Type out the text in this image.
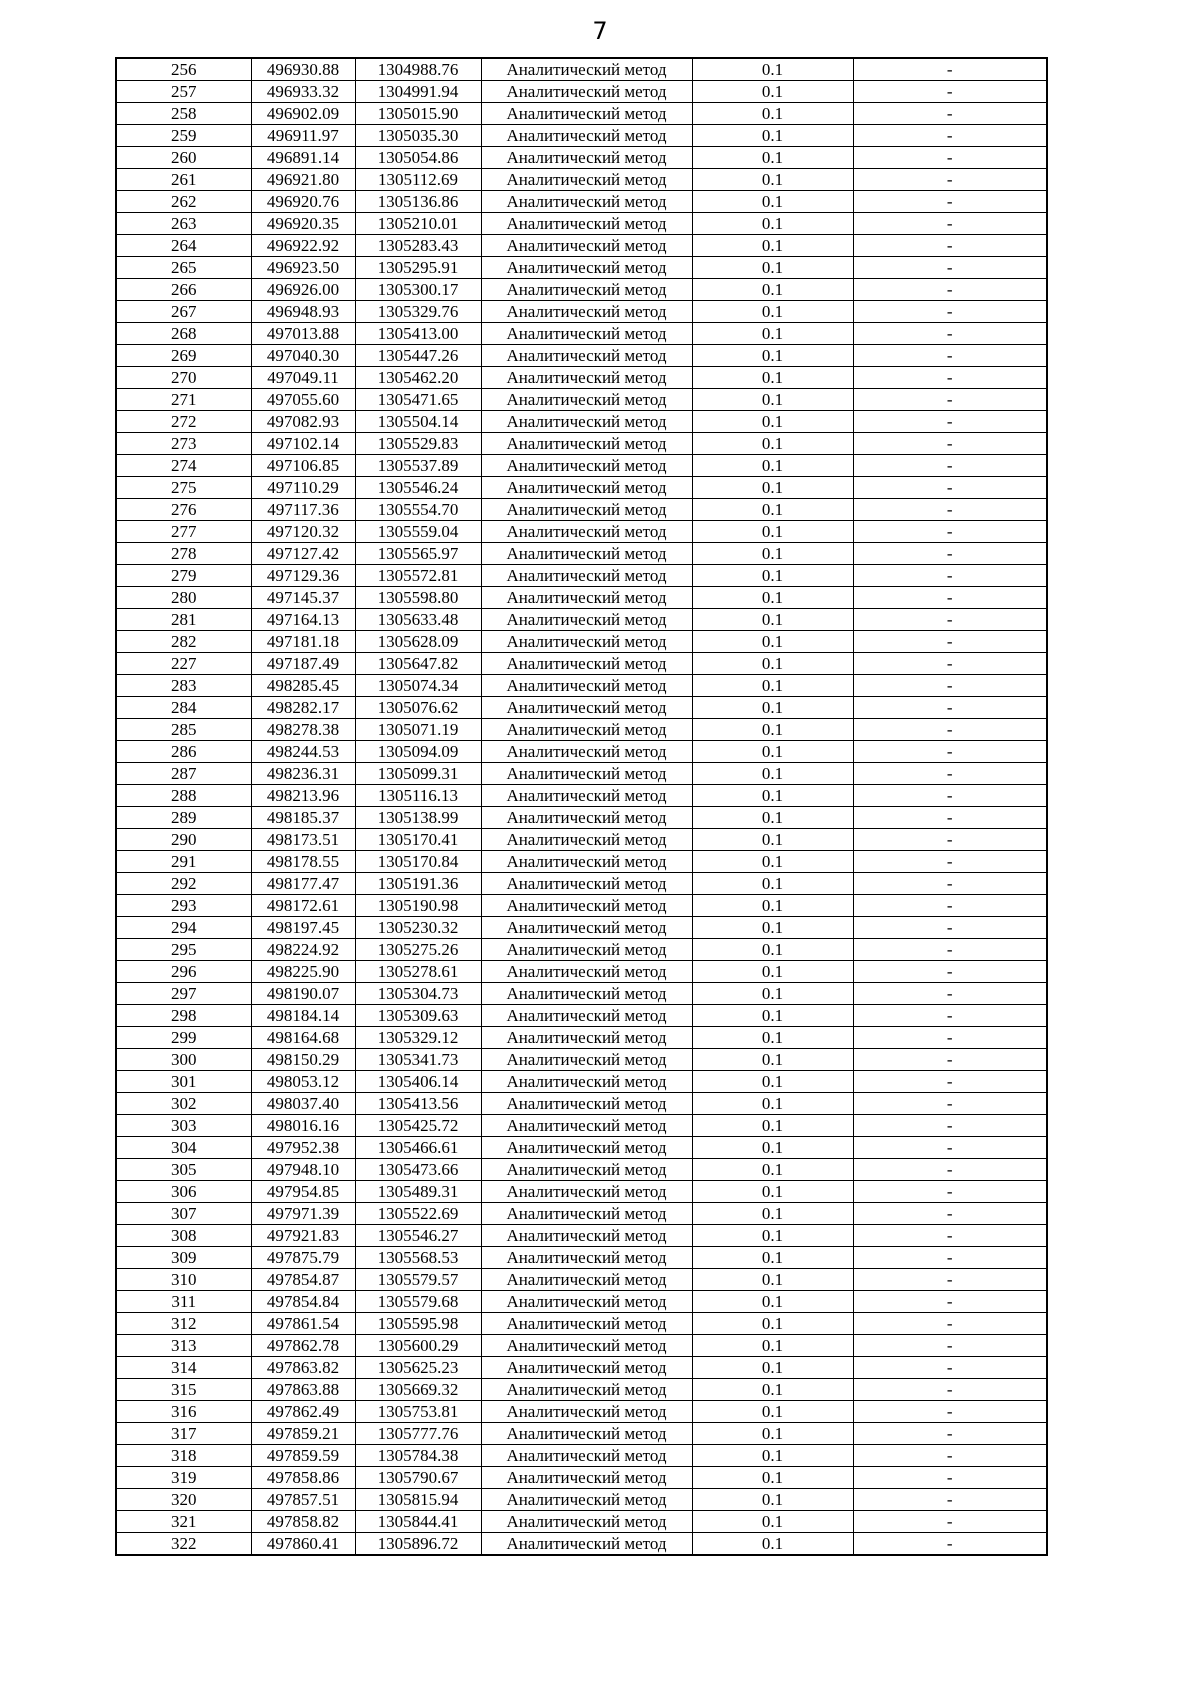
7
256	496930.88	1304988.76	Аналитический метод	0.1	-
257	496933.32	1304991.94	Аналитический метод	0.1	-
258	496902.09	1305015.90	Аналитический метод	0.1	-
259	496911.97	1305035.30	Аналитический метод	0.1	-
260	496891.14	1305054.86	Аналитический метод	0.1	-
261	496921.80	1305112.69	Аналитический метод	0.1	-
262	496920.76	1305136.86	Аналитический метод	0.1	-
263	496920.35	1305210.01	Аналитический метод	0.1	-
264	496922.92	1305283.43	Аналитический метод	0.1	-
265	496923.50	1305295.91	Аналитический метод	0.1	-
266	496926.00	1305300.17	Аналитический метод	0.1	-
267	496948.93	1305329.76	Аналитический метод	0.1	-
268	497013.88	1305413.00	Аналитический метод	0.1	-
269	497040.30	1305447.26	Аналитический метод	0.1	-
270	497049.11	1305462.20	Аналитический метод	0.1	-
271	497055.60	1305471.65	Аналитический метод	0.1	-
272	497082.93	1305504.14	Аналитический метод	0.1	-
273	497102.14	1305529.83	Аналитический метод	0.1	-
274	497106.85	1305537.89	Аналитический метод	0.1	-
275	497110.29	1305546.24	Аналитический метод	0.1	-
276	497117.36	1305554.70	Аналитический метод	0.1	-
277	497120.32	1305559.04	Аналитический метод	0.1	-
278	497127.42	1305565.97	Аналитический метод	0.1	-
279	497129.36	1305572.81	Аналитический метод	0.1	-
280	497145.37	1305598.80	Аналитический метод	0.1	-
281	497164.13	1305633.48	Аналитический метод	0.1	-
282	497181.18	1305628.09	Аналитический метод	0.1	-
227	497187.49	1305647.82	Аналитический метод	0.1	-
283	498285.45	1305074.34	Аналитический метод	0.1	-
284	498282.17	1305076.62	Аналитический метод	0.1	-
285	498278.38	1305071.19	Аналитический метод	0.1	-
286	498244.53	1305094.09	Аналитический метод	0.1	-
287	498236.31	1305099.31	Аналитический метод	0.1	-
288	498213.96	1305116.13	Аналитический метод	0.1	-
289	498185.37	1305138.99	Аналитический метод	0.1	-
290	498173.51	1305170.41	Аналитический метод	0.1	-
291	498178.55	1305170.84	Аналитический метод	0.1	-
292	498177.47	1305191.36	Аналитический метод	0.1	-
293	498172.61	1305190.98	Аналитический метод	0.1	-
294	498197.45	1305230.32	Аналитический метод	0.1	-
295	498224.92	1305275.26	Аналитический метод	0.1	-
296	498225.90	1305278.61	Аналитический метод	0.1	-
297	498190.07	1305304.73	Аналитический метод	0.1	-
298	498184.14	1305309.63	Аналитический метод	0.1	-
299	498164.68	1305329.12	Аналитический метод	0.1	-
300	498150.29	1305341.73	Аналитический метод	0.1	-
301	498053.12	1305406.14	Аналитический метод	0.1	-
302	498037.40	1305413.56	Аналитический метод	0.1	-
303	498016.16	1305425.72	Аналитический метод	0.1	-
304	497952.38	1305466.61	Аналитический метод	0.1	-
305	497948.10	1305473.66	Аналитический метод	0.1	-
306	497954.85	1305489.31	Аналитический метод	0.1	-
307	497971.39	1305522.69	Аналитический метод	0.1	-
308	497921.83	1305546.27	Аналитический метод	0.1	-
309	497875.79	1305568.53	Аналитический метод	0.1	-
310	497854.87	1305579.57	Аналитический метод	0.1	-
311	497854.84	1305579.68	Аналитический метод	0.1	-
312	497861.54	1305595.98	Аналитический метод	0.1	-
313	497862.78	1305600.29	Аналитический метод	0.1	-
314	497863.82	1305625.23	Аналитический метод	0.1	-
315	497863.88	1305669.32	Аналитический метод	0.1	-
316	497862.49	1305753.81	Аналитический метод	0.1	-
317	497859.21	1305777.76	Аналитический метод	0.1	-
318	497859.59	1305784.38	Аналитический метод	0.1	-
319	497858.86	1305790.67	Аналитический метод	0.1	-
320	497857.51	1305815.94	Аналитический метод	0.1	-
321	497858.82	1305844.41	Аналитический метод	0.1	-
322	497860.41	1305896.72	Аналитический метод	0.1	-
